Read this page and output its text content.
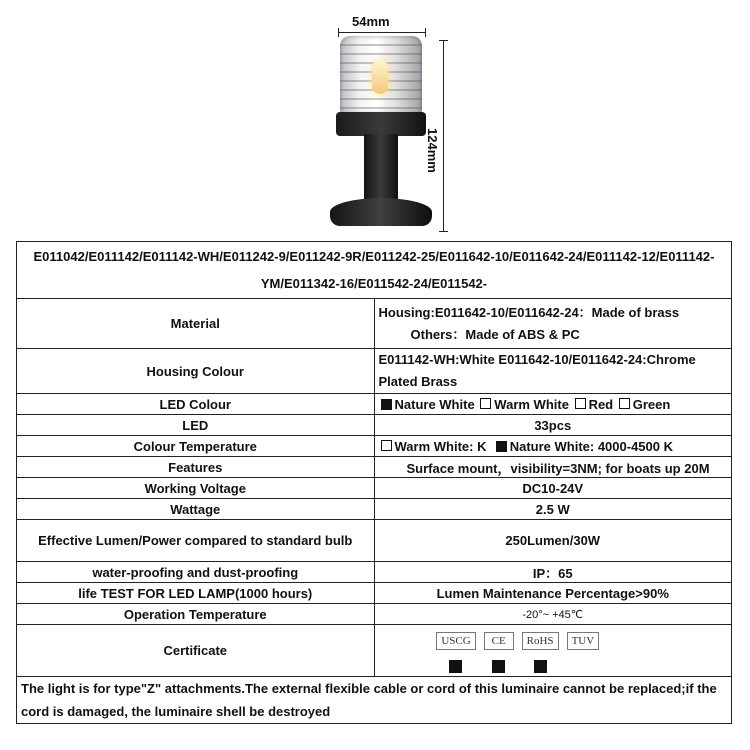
54mm
124mm
E011042/E011142/E011142-WH/E011242-9/E011242-9R/E011242-25/E011642-10/E011642-24/E011142-12/E011142-YM/E011342-16/E011542-24/E011542-	
Material	Housing:E011642-10/E011642-24：Made of brass

Others：Made of ABS & PC

Housing Colour	E011142-WH:White E011642-10/E011642-24:Chrome Plated Brass
LED Colour	Nature White Warm White Red Green
LED	33pcs
Colour Temperature	Warm White: K Nature White: 4000-4500 K
Features	Surface mount，visibility=3NM; for boats up 20M
Working Voltage	DC10-24V
Wattage	2.5 W
Effective Lumen/Power compared to standard bulb	250Lumen/30W
water-proofing and dust-proofing	IP：65
life TEST FOR LED LAMP(1000 hours)	Lumen Maintenance Percentage>90%
Operation Temperature	-20°~ +45℃
Certificate	USCG CE RoHS TUV

The light is for type"Z" attachments.The external flexible cable or cord of this luminaire cannot be replaced;if the cord is damaged, the luminaire shell be destroyed	
